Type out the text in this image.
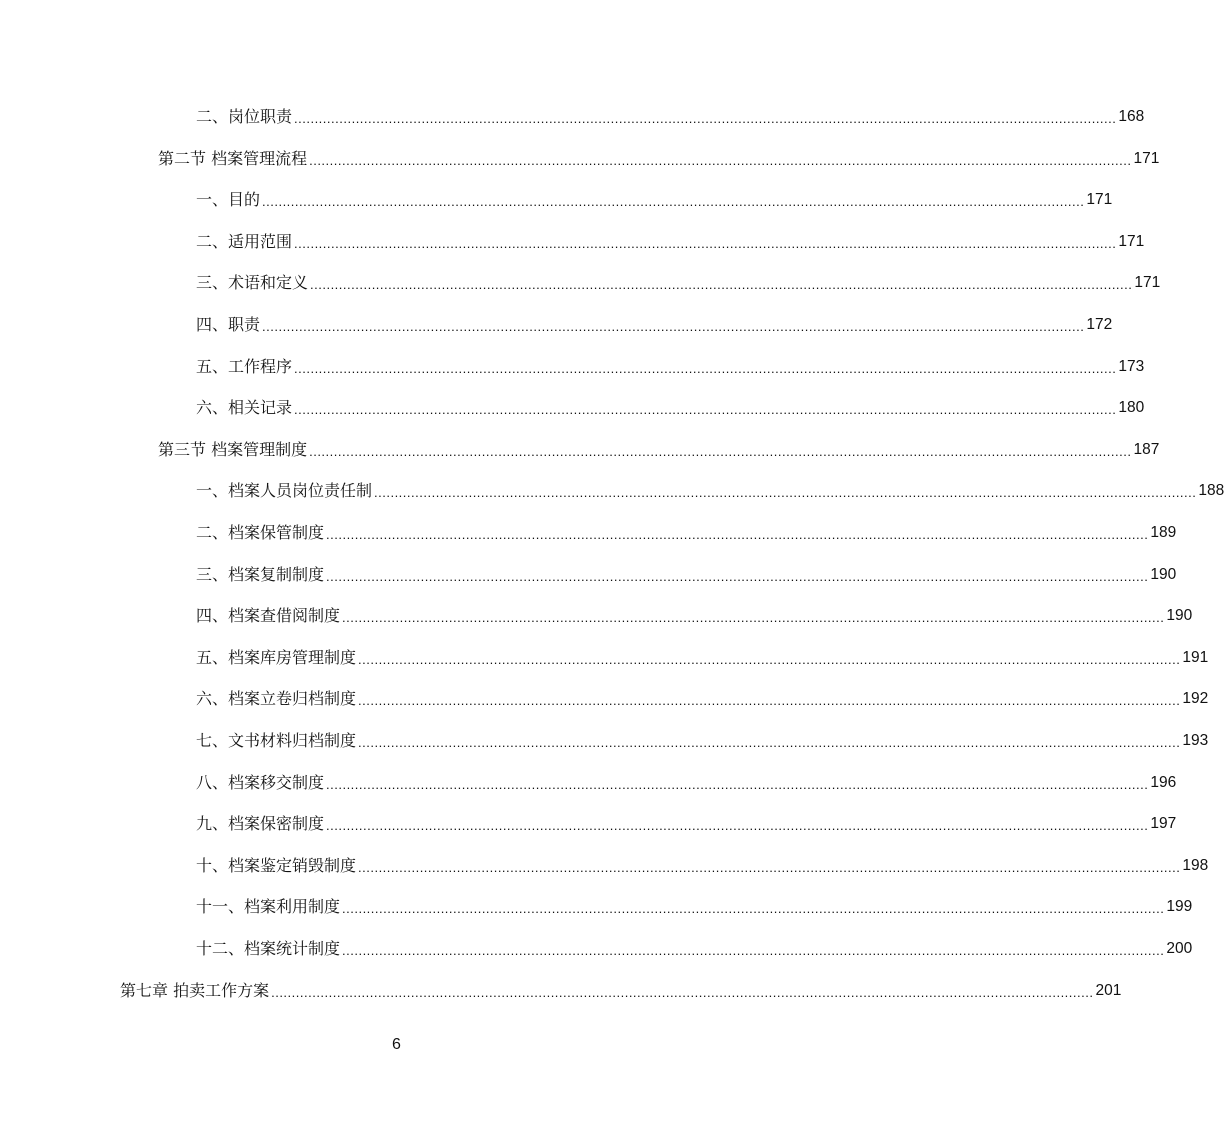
二、岗位职责 ........................................................................................................................................................................................................ 168
第二节 档案管理流程 ........................................................................................................................................................................................................ 171
一、目的 ........................................................................................................................................................................................................ 171
二、适用范围 ........................................................................................................................................................................................................ 171
三、术语和定义 ........................................................................................................................................................................................................ 171
四、职责 ........................................................................................................................................................................................................ 172
五、工作程序 ........................................................................................................................................................................................................ 173
六、相关记录 ........................................................................................................................................................................................................ 180
第三节 档案管理制度 ........................................................................................................................................................................................................ 187
一、档案人员岗位责任制 ........................................................................................................................................................................................................ 188
二、档案保管制度 ........................................................................................................................................................................................................ 189
三、档案复制制度 ........................................................................................................................................................................................................ 190
四、档案查借阅制度 ........................................................................................................................................................................................................ 190
五、档案库房管理制度 ........................................................................................................................................................................................................ 191
六、档案立卷归档制度 ........................................................................................................................................................................................................ 192
七、文书材料归档制度 ........................................................................................................................................................................................................ 193
八、档案移交制度 ........................................................................................................................................................................................................ 196
九、档案保密制度 ........................................................................................................................................................................................................ 197
十、档案鉴定销毁制度 ........................................................................................................................................................................................................ 198
十一、档案利用制度 ........................................................................................................................................................................................................ 199
十二、档案统计制度 ........................................................................................................................................................................................................ 200
第七章 拍卖工作方案 ........................................................................................................................................................................................................ 201
6
